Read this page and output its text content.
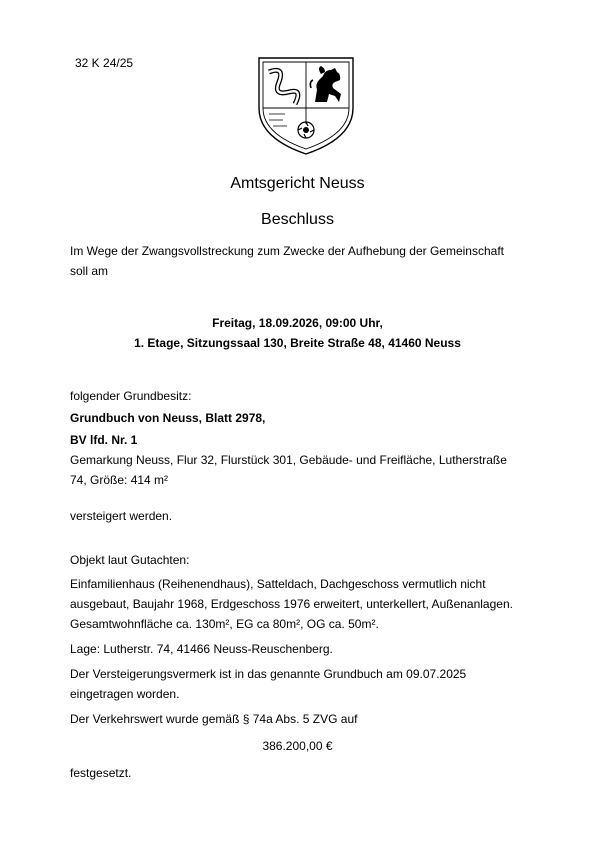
32 K 24/25
Amtsgericht Neuss
Beschluss
Im Wege der Zwangsvollstreckung zum Zwecke der Aufhebung der Gemeinschaft
soll am
Freitag, 18.09.2026, 09:00 Uhr,
1. Etage, Sitzungssaal 130, Breite Straße 48, 41460 Neuss
folgender Grundbesitz:
Grundbuch von Neuss, Blatt 2978,
BV lfd. Nr. 1
Gemarkung Neuss, Flur 32, Flurstück 301, Gebäude- und Freifläche, Lutherstraße
74, Größe: 414 m²
versteigert werden.
Objekt laut Gutachten:
Einfamilienhaus (Reihenendhaus), Satteldach, Dachgeschoss vermutlich nicht
ausgebaut, Baujahr 1968, Erdgeschoss 1976 erweitert, unterkellert, Außenanlagen.
Gesamtwohnfläche ca. 130m², EG ca 80m², OG ca. 50m².
Lage: Lutherstr. 74, 41466 Neuss-Reuschenberg.
Der Versteigerungsvermerk ist in das genannte Grundbuch am 09.07.2025
eingetragen worden.
Der Verkehrswert wurde gemäß § 74a Abs. 5 ZVG auf
386.200,00 €
festgesetzt.
